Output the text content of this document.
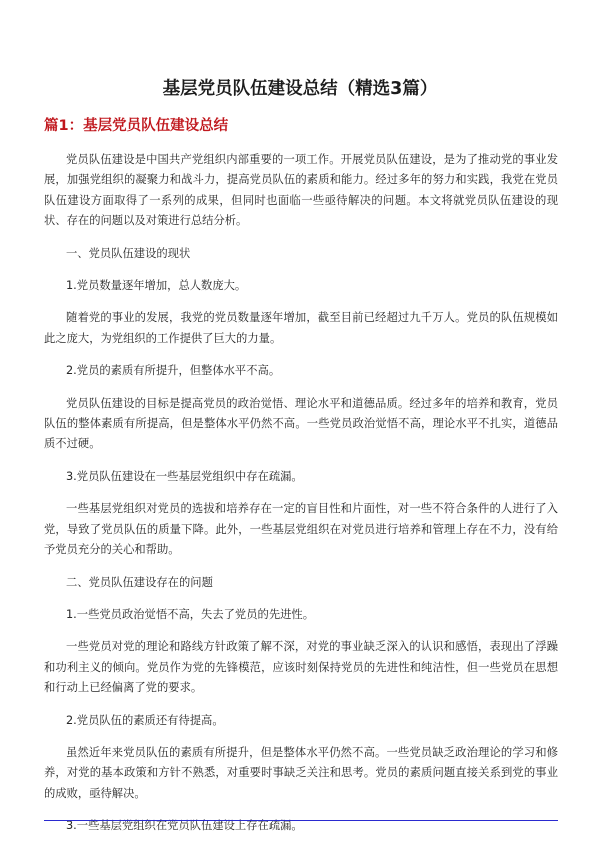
基层党员队伍建设总结（精选3篇）
篇1：基层党员队伍建设总结

党员队伍建设是中国共产党组织内部重要的一项工作。开展党员队伍建设，是为了推动党的事业发展，加强党组织的凝聚力和战斗力，提高党员队伍的素质和能力。经过多年的努力和实践，我党在党员队伍建设方面取得了一系列的成果，但同时也面临一些亟待解决的问题。本文将就党员队伍建设的现状、存在的问题以及对策进行总结分析。

一、党员队伍建设的现状

1.党员数量逐年增加，总人数庞大。

随着党的事业的发展，我党的党员数量逐年增加，截至目前已经超过九千万人。党员的队伍规模如此之庞大，为党组织的工作提供了巨大的力量。

2.党员的素质有所提升，但整体水平不高。

党员队伍建设的目标是提高党员的政治觉悟、理论水平和道德品质。经过多年的培养和教育，党员队伍的整体素质有所提高，但是整体水平仍然不高。一些党员政治觉悟不高，理论水平不扎实，道德品质不过硬。

3.党员队伍建设在一些基层党组织中存在疏漏。

一些基层党组织对党员的选拔和培养存在一定的盲目性和片面性，对一些不符合条件的人进行了入党，导致了党员队伍的质量下降。此外，一些基层党组织在对党员进行培养和管理上存在不力，没有给予党员充分的关心和帮助。

二、党员队伍建设存在的问题

1.一些党员政治觉悟不高，失去了党员的先进性。

一些党员对党的理论和路线方针政策了解不深，对党的事业缺乏深入的认识和感悟，表现出了浮躁和功利主义的倾向。党员作为党的先锋模范，应该时刻保持党员的先进性和纯洁性，但一些党员在思想和行动上已经偏离了党的要求。

2.党员队伍的素质还有待提高。

虽然近年来党员队伍的素质有所提升，但是整体水平仍然不高。一些党员缺乏政治理论的学习和修养，对党的基本政策和方针不熟悉，对重要时事缺乏关注和思考。党员的素质问题直接关系到党的事业的成败，亟待解决。

3.一些基层党组织在党员队伍建设上存在疏漏。
